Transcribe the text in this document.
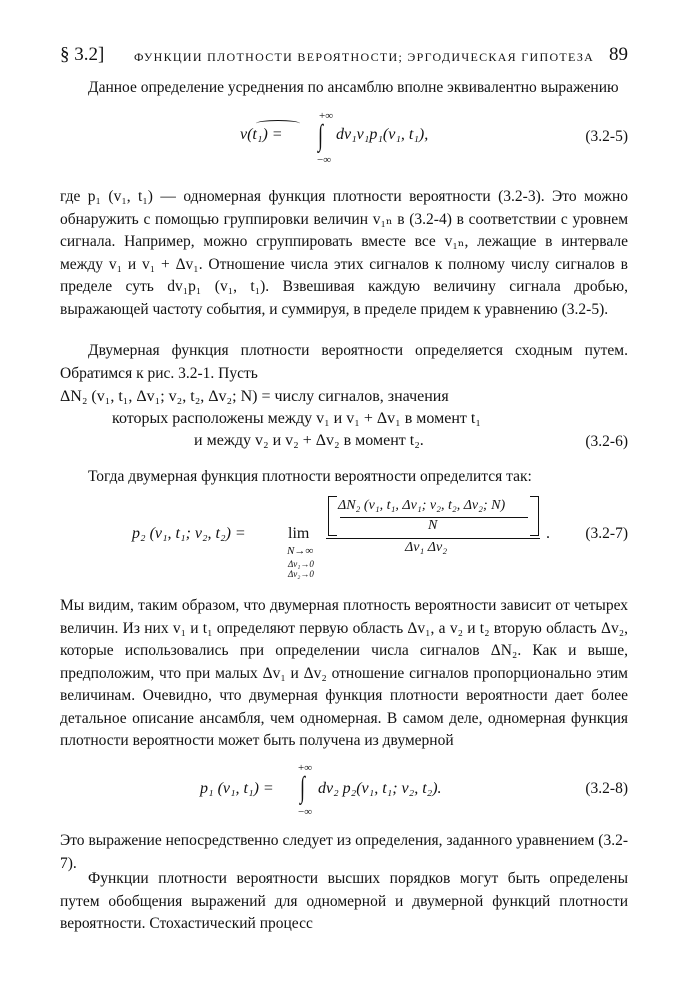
§ 3.2] ФУНКЦИИ ПЛОТНОСТИ ВЕРОЯТНОСТИ; ЭРГОДИЧЕСКАЯ ГИПОТЕЗА 89

Данное определение усреднения по ансамблю вполне эквивалентно выражению

v(t₁) =
+∞
∫
−∞
dv₁v₁p₁(v₁, t₁),	(3.2-5)

где p₁ (v₁, t₁) — одномерная функция плотности вероятности (3.2-3). Это можно обнаружить с помощью группировки величин v₁ₙ в (3.2-4) в соответствии с уровнем сигнала. Например, можно сгруппировать вместе все v₁ₙ, лежащие в интервале между v₁ и v₁ + Δv₁. Отношение числа этих сигналов к полному числу сигналов в пределе суть dv₁p₁ (v₁, t₁). Взвешивая каждую величину сигнала дробью, выражающей частоту события, и суммируя, в пределе придем к уравнению (3.2-5).

Двумерная функция плотности вероятности определяется сходным путем. Обратимся к рис. 3.2-1. Пусть

ΔN₂ (v₁, t₁, Δv₁; v₂, t₂, Δv₂; N) = числу сигналов, значения
которых расположены между v₁ и v₁ + Δv₁ в момент t₁
и между v₂ и v₂ + Δv₂ в момент t₂.	(3.2-6)

Тогда двумерная функция плотности вероятности определится так:

p₂ (v₁, t₁; v₂, t₂) =	lim
N→∞
Δv₁→0
Δv₂→0
ΔN₂ (v₁, t₁, Δv₁; v₂, t₂, Δv₂; N)
N
Δv₁ Δv₂
. (3.2-7)

Мы видим, таким образом, что двумерная плотность вероятности зависит от четырех величин. Из них v₁ и t₁ определяют первую область Δv₁, а v₂ и t₂ вторую область Δv₂, которые использовались при определении числа сигналов ΔN₂. Как и выше, предположим, что при малых Δv₁ и Δv₂ отношение сигналов пропорционально этим величинам. Очевидно, что двумерная функция плотности вероятности дает более детальное описание ансамбля, чем одномерная. В самом деле, одномерная функция плотности вероятности может быть получена из двумерной

p₁ (v₁, t₁) =
+∞
∫
−∞
dv₂ p₂(v₁, t₁; v₂, t₂).	(3.2-8)

Это выражение непосредственно следует из определения, заданного уравнением (3.2-7).

Функции плотности вероятности высших порядков могут быть определены путем обобщения выражений для одномерной и двумерной функций плотности вероятности. Стохастический процесс
